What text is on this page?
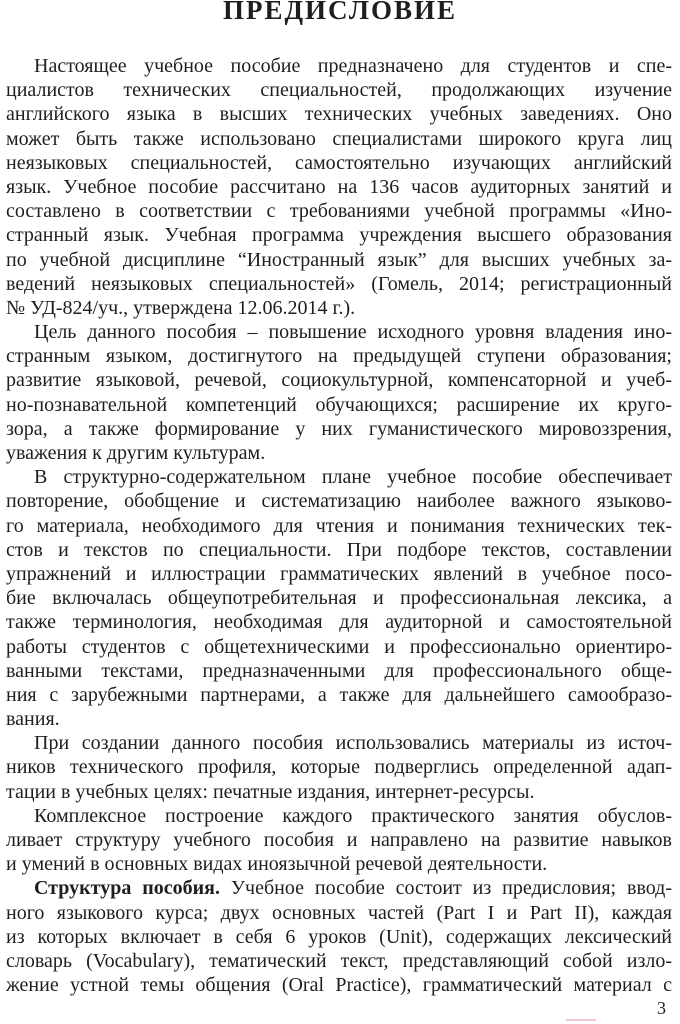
ПРЕДИСЛОВИЕ
Настоящее учебное пособие предназначено для студентов и спе-
циалистов технических специальностей, продолжающих изучение
английского языка в высших технических учебных заведениях. Оно
может быть также использовано специалистами широкого круга лиц
неязыковых специальностей, самостоятельно изучающих английский
язык. Учебное пособие рассчитано на 136 часов аудиторных занятий и
составлено в соответствии с требованиями учебной программы «Ино-
странный язык. Учебная программа учреждения высшего образования
по учебной дисциплине “Иностранный язык” для высших учебных за-
ведений неязыковых специальностей» (Гомель, 2014; регистрационный
№ УД-824/уч., утверждена 12.06.2014 г.).
Цель данного пособия – повышение исходного уровня владения ино-
странным языком, достигнутого на предыдущей ступени образования;
развитие языковой, речевой, социокультурной, компенсаторной и учеб-
но-познавательной компетенций обучающихся; расширение их кругo-
зора, а также формирование у них гуманистического мировоззрения,
уважения к другим культурам.
В структурно-содержательном плане учебное пособие обеспечивает
повторение, обобщение и систематизацию наиболее важного языково-
го материала, необходимого для чтения и понимания технических тек-
стов и текстов по специальности. При подборе текстов, составлении
упражнений и иллюстрации грамматических явлений в учебное посо-
бие включалась общеупотребительная и профессиональная лексика, а
также терминология, необходимая для аудиторной и самостоятельной
работы студентов с общетехническими и профессионально ориентиро-
ванными текстами, предназначенными для профессионального обще-
ния с зарубежными партнерами, а также для дальнейшего самообразо-
вания.
При создании данного пособия использовались материалы из источ-
ников технического профиля, которые подверглись определенной адап-
тации в учебных целях: печатные издания, интернет-ресурсы.
Комплексное построение каждого практического занятия обуслов-
ливает структуру учебного пособия и направлено на развитие навыков
и умений в основных видах иноязычной речевой деятельности.
Структура пособия. Учебное пособие состоит из предисловия; ввод-
ного языкового курса; двух основных частей (Part I и Part II), каждая
из которых включает в себя 6 уроков (Unit), содержащих лексический
словарь (Vocabulary), тематический текст, представляющий собой изло-
жение устной темы общения (Oral Practice), грамматический материал с
3
